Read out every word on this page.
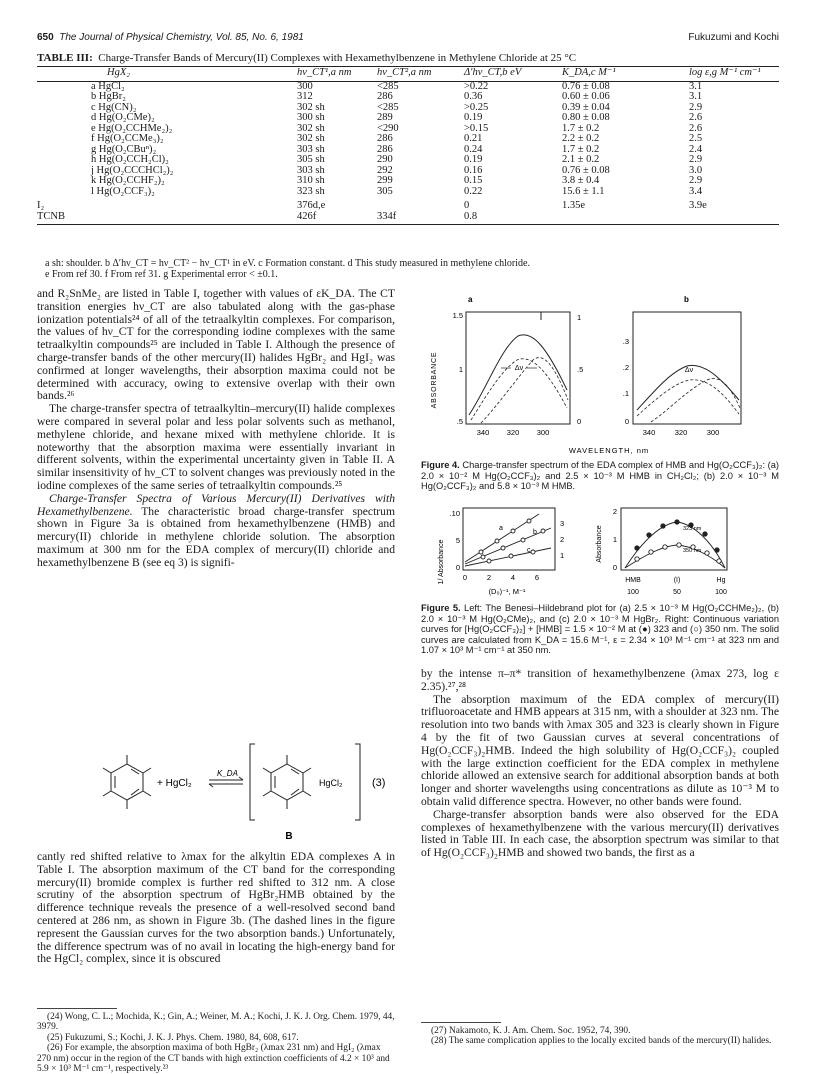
650 The Journal of Physical Chemistry, Vol. 85, No. 6, 1981	Fukuzumi and Kochi
TABLE III: Charge-Transfer Bands of Mercury(II) Complexes with Hexamethylbenzene in Methylene Chloride at 25 °C
HgX₂	hν_CT¹,a nm	hν_CT²,a nm	Δ′hν_CT,b eV	K_DA,c M⁻¹	log ε,g M⁻¹ cm⁻¹
a HgCl₂	300	<285	>0.22	0.76 ± 0.08	3.1
b HgBr₂	312	286	0.36	0.60 ± 0.06	3.1
c Hg(CN)₂	302 sh	<285	>0.25	0.39 ± 0.04	2.9
d Hg(O₂CMe)₂	300 sh	289	0.19	0.80 ± 0.08	2.6
e Hg(O₂CCHMe₂)₂	302 sh	<290	>0.15	1.7 ± 0.2	2.6
f Hg(O₂CCMe₃)₂	302 sh	286	0.21	2.2 ± 0.2	2.5
g Hg(O₂CBuⁿ)₂	303 sh	286	0.24	1.7 ± 0.2	2.4
h Hg(O₂CCH₂Cl)₂	305 sh	290	0.19	2.1 ± 0.2	2.9
j Hg(O₂CCCHCl₂)₂	303 sh	292	0.16	0.76 ± 0.08	3.0
k Hg(O₂CCHF₂)₂	310 sh	299	0.15	3.8 ± 0.4	2.9
l Hg(O₂CCF₃)₂	323 sh	305	0.22	15.6 ± 1.1	3.4
I₂	376d,e		0	1.35e	3.9e
TCNB	426f	334f	0.8		
a sh: shoulder. b Δ′hν_CT = hν_CT² − hν_CT¹ in eV. c Formation constant. d This study measured in methylene chloride.
e From ref 30. f From ref 31. g Experimental error < ±0.1.

and R₂SnMe₂ are listed in Table I, together with values of εK_DA. The CT transition energies hν_CT are also tabulated along with the gas-phase ionization potentials²⁴ of all of the tetraalkyltin complexes. For comparison, the values of hν_CT for the corresponding iodine complexes with the same tetraalkyltin compounds²⁵ are included in Table I. Although the presence of charge-transfer bands of the other mercury(II) halides HgBr₂ and HgI₂ was confirmed at longer wavelengths, their absorption maxima could not be determined with accuracy, owing to extensive overlap with their own bands.²⁶

The charge-transfer spectra of tetraalkyltin–mercury(II) halide complexes were compared in several polar and less polar solvents such as methanol, methylene chloride, and hexane mixed with methylene chloride. It is noteworthy that the absorption maxima were essentially invariant in different solvents, within the experimental uncertainty given in Table II. A similar insensitivity of hν_CT to solvent changes was previously noted in the iodine complexes of the same series of tetraalkyltin compounds.²⁵

Charge-Transfer Spectra of Various Mercury(II) Derivatives with Hexamethylbenzene. The characteristic broad charge-transfer spectrum shown in Figure 3a is obtained from hexamethylbenzene (HMB) and mercury(II) chloride in methylene chloride solution. The absorption maximum at 300 nm for the EDA complex of mercury(II) chloride and hexamethylbenzene B (see eq 3) is signifi-

+ HgCl₂
K_DA
HgCl₂	(3)
B

cantly red shifted relative to λmax for the alkyltin EDA complexes A in Table I. The absorption maximum of the CT band for the corresponding mercury(II) bromide complex is further red shifted to 312 nm. A close scrutiny of the absorption spectrum of HgBr₂HMB obtained by the difference technique reveals the presence of a well-resolved second band centered at 286 nm, as shown in Figure 3b. (The dashed lines in the figure represent the Gaussian curves for the two absorption bands.) Unfortunately, the difference spectrum was of no avail in locating the high-energy band for the HgCl₂ complex, since it is obscured

(24) Wong, C. L.; Mochida, K.; Gin, A.; Weiner, M. A.; Kochi, J. K. J. Org. Chem. 1979, 44, 3979.
(25) Fukuzumi, S.; Kochi, J. K. J. Phys. Chem. 1980, 84, 608, 617.
(26) For example, the absorption maxima of both HgBr₂ (λmax 231 nm) and HgI₂ (λmax 270 nm) occur in the region of the CT bands with high extinction coefficients of 4.2 × 10³ and 5.9 × 10³ M⁻¹ cm⁻¹, respectively.²³
a	b
ABSORBANCE
1.5
1
.5
1
.5
0
Δν
340 320 300
.3
.2
.1
0
Δν
340	320	300
WAVELENGTH, nm
Figure 4. Charge-transfer spectrum of the EDA complex of HMB and Hg(O₂CCF₃)₂: (a) 2.0 × 10⁻² M Hg(O₂CCF₃)₂ and 2.5 × 10⁻³ M HMB in CH₂Cl₂; (b) 2.0 × 10⁻³ M Hg(O₂CCF₃)₂ and 5.8 × 10⁻³ M HMB.
1/ Absorbance
.10
5
0
3
2
1
a
b
c
0	2	4	6
(D₀)⁻¹, M⁻¹
Absorbance
2
1
0
323 nm
350 nm
HMB	(I)	Hg
100	50	100
Figure 5. Left: The Benesi–Hildebrand plot for (a) 2.5 × 10⁻³ M Hg(O₂CCHMe₂)₂, (b) 2.0 × 10⁻³ M Hg(O₂CMe)₂, and (c) 2.0 × 10⁻³ M HgBr₂. Right: Continuous variation curves for [Hg(O₂CCF₃)₂] + [HMB] = 1.5 × 10⁻² M at (●) 323 and (○) 350 nm. The solid curves are calculated from K_DA = 15.6 M⁻¹, ε = 2.34 × 10³ M⁻¹ cm⁻¹ at 323 nm and 1.07 × 10³ M⁻¹ cm⁻¹ at 350 nm.

by the intense π–π* transition of hexamethylbenzene (λmax 273, log ε 2.35).²⁷,²⁸

The absorption maximum of the EDA complex of mercury(II) trifluoroacetate and HMB appears at 315 nm, with a shoulder at 323 nm. The resolution into two bands with λmax 305 and 323 is clearly shown in Figure 4 by the fit of two Gaussian curves at several concentrations of Hg(O₂CCF₃)₂HMB. Indeed the high solubility of Hg(O₂CCF₃)₂ coupled with the large extinction coefficient for the EDA complex in methylene chloride allowed an extensive search for additional absorption bands at both longer and shorter wavelengths using concentrations as dilute as 10⁻³ M to obtain valid difference spectra. However, no other bands were found.

Charge-transfer absorption bands were also observed for the EDA complexes of hexamethylbenzene with the various mercury(II) derivatives listed in Table III. In each case, the absorption spectrum was similar to that of Hg(O₂CCF₃)₂HMB and showed two bands, the first as a

(27) Nakamoto, K. J. Am. Chem. Soc. 1952, 74, 390.
(28) The same complication applies to the locally excited bands of the mercury(II) halides.
